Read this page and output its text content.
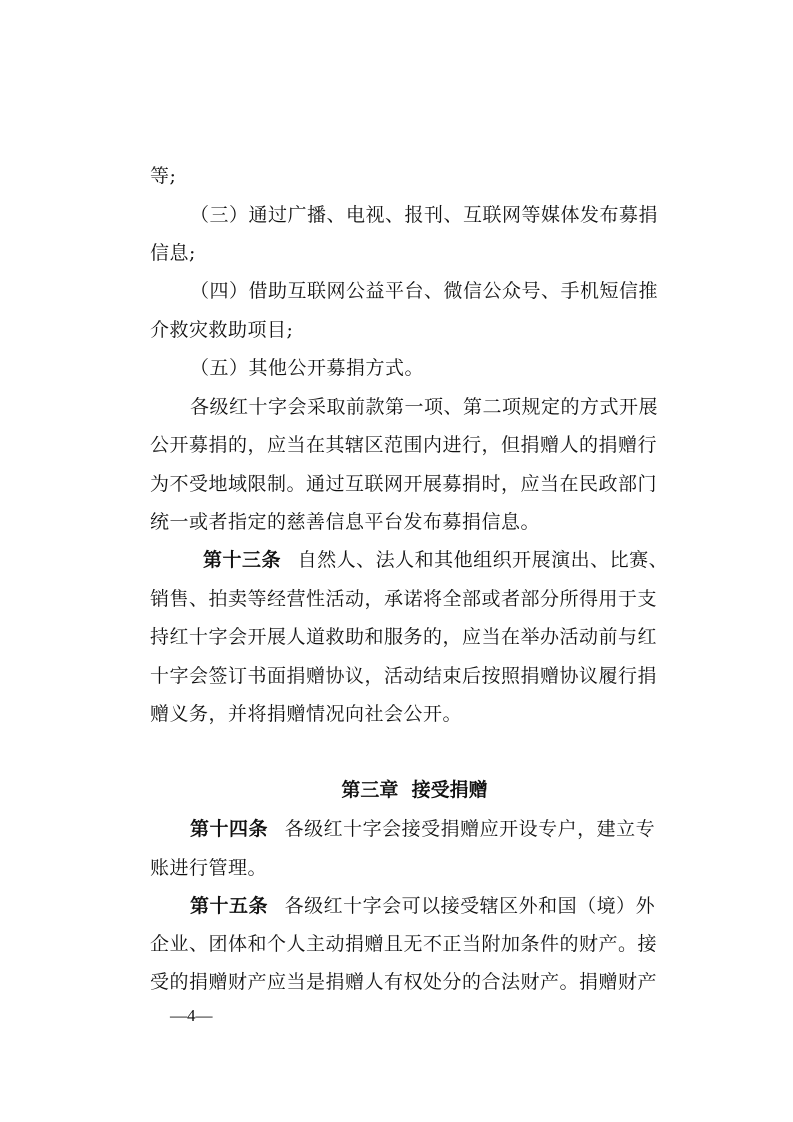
等;
（三）通过广播、电视、报刊、互联网等媒体发布募捐
信息;
（四）借助互联网公益平台、微信公众号、手机短信推
介救灾救助项目;
（五）其他公开募捐方式。
各级红十字会采取前款第一项、第二项规定的方式开展
公开募捐的，应当在其辖区范围内进行，但捐赠人的捐赠行
为不受地域限制。通过互联网开展募捐时，应当在民政部门
统一或者指定的慈善信息平台发布募捐信息。
第十三条 自然人、法人和其他组织开展演出、比赛、
销售、拍卖等经营性活动，承诺将全部或者部分所得用于支
持红十字会开展人道救助和服务的，应当在举办活动前与红
十字会签订书面捐赠协议，活动结束后按照捐赠协议履行捐
赠义务，并将捐赠情况向社会公开。
第三章  接受捐赠
第十四条 各级红十字会接受捐赠应开设专户，建立专
账进行管理。
第十五条 各级红十字会可以接受辖区外和国（境）外
企业、团体和个人主动捐赠且无不正当附加条件的财产。接
受的捐赠财产应当是捐赠人有权处分的合法财产。捐赠财产
—4—
